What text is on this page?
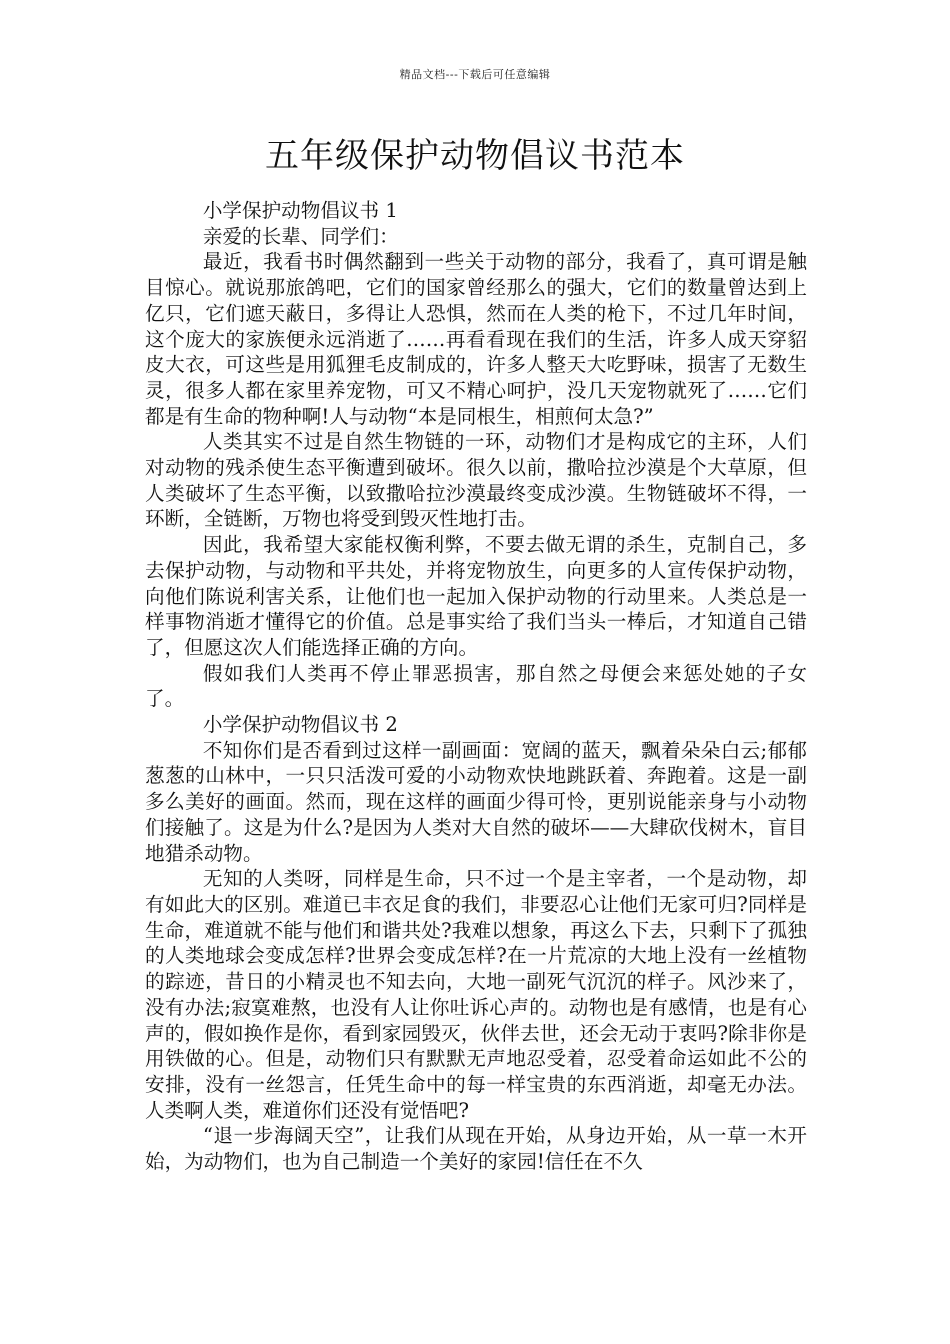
精品文档---下载后可任意编辑
五年级保护动物倡议书范本

小学保护动物倡议书 1

亲爱的长辈、同学们：

最近，我看书时偶然翻到一些关于动物的部分，我看了，真可谓是触目惊心。就说那旅鸽吧，它们的国家曾经那么的强大，它们的数量曾达到上亿只，它们遮天蔽日，多得让人恐惧，然而在人类的枪下，不过几年时间，这个庞大的家族便永远消逝了……再看看现在我们的生活，许多人成天穿貂皮大衣，可这些是用狐狸毛皮制成的，许多人整天大吃野味，损害了无数生灵，很多人都在家里养宠物，可又不精心呵护，没几天宠物就死了……它们都是有生命的物种啊!人与动物“本是同根生，相煎何太急?”

人类其实不过是自然生物链的一环，动物们才是构成它的主环，人们对动物的残杀使生态平衡遭到破坏。很久以前，撒哈拉沙漠是个大草原，但人类破坏了生态平衡，以致撒哈拉沙漠最终变成沙漠。生物链破坏不得，一环断，全链断，万物也将受到毁灭性地打击。

因此，我希望大家能权衡利弊，不要去做无谓的杀生，克制自己，多去保护动物，与动物和平共处，并将宠物放生，向更多的人宣传保护动物，向他们陈说利害关系，让他们也一起加入保护动物的行动里来。人类总是一样事物消逝才懂得它的价值。总是事实给了我们当头一棒后，才知道自己错了，但愿这次人们能选择正确的方向。

假如我们人类再不停止罪恶损害，那自然之母便会来惩处她的子女了。

小学保护动物倡议书 2

不知你们是否看到过这样一副画面：宽阔的蓝天，飘着朵朵白云;郁郁葱葱的山林中，一只只活泼可爱的小动物欢快地跳跃着、奔跑着。这是一副多么美好的画面。然而，现在这样的画面少得可怜，更别说能亲身与小动物们接触了。这是为什么?是因为人类对大自然的破坏——大肆砍伐树木，盲目地猎杀动物。

无知的人类呀，同样是生命，只不过一个是主宰者，一个是动物，却有如此大的区别。难道已丰衣足食的我们，非要忍心让他们无家可归?同样是生命，难道就不能与他们和谐共处?我难以想象，再这么下去，只剩下了孤独的人类地球会变成怎样?世界会变成怎样?在一片荒凉的大地上没有一丝植物的踪迹，昔日的小精灵也不知去向，大地一副死气沉沉的样子。风沙来了，没有办法;寂寞难熬，也没有人让你吐诉心声的。动物也是有感情，也是有心声的，假如换作是你，看到家园毁灭，伙伴去世，还会无动于衷吗?除非你是用铁做的心。但是，动物们只有默默无声地忍受着，忍受着命运如此不公的安排，没有一丝怨言，任凭生命中的每一样宝贵的东西消逝，却毫无办法。人类啊人类，难道你们还没有觉悟吧?

“退一步海阔天空”，让我们从现在开始，从身边开始，从一草一木开始，为动物们，也为自己制造一个美好的家园!信任在不久
